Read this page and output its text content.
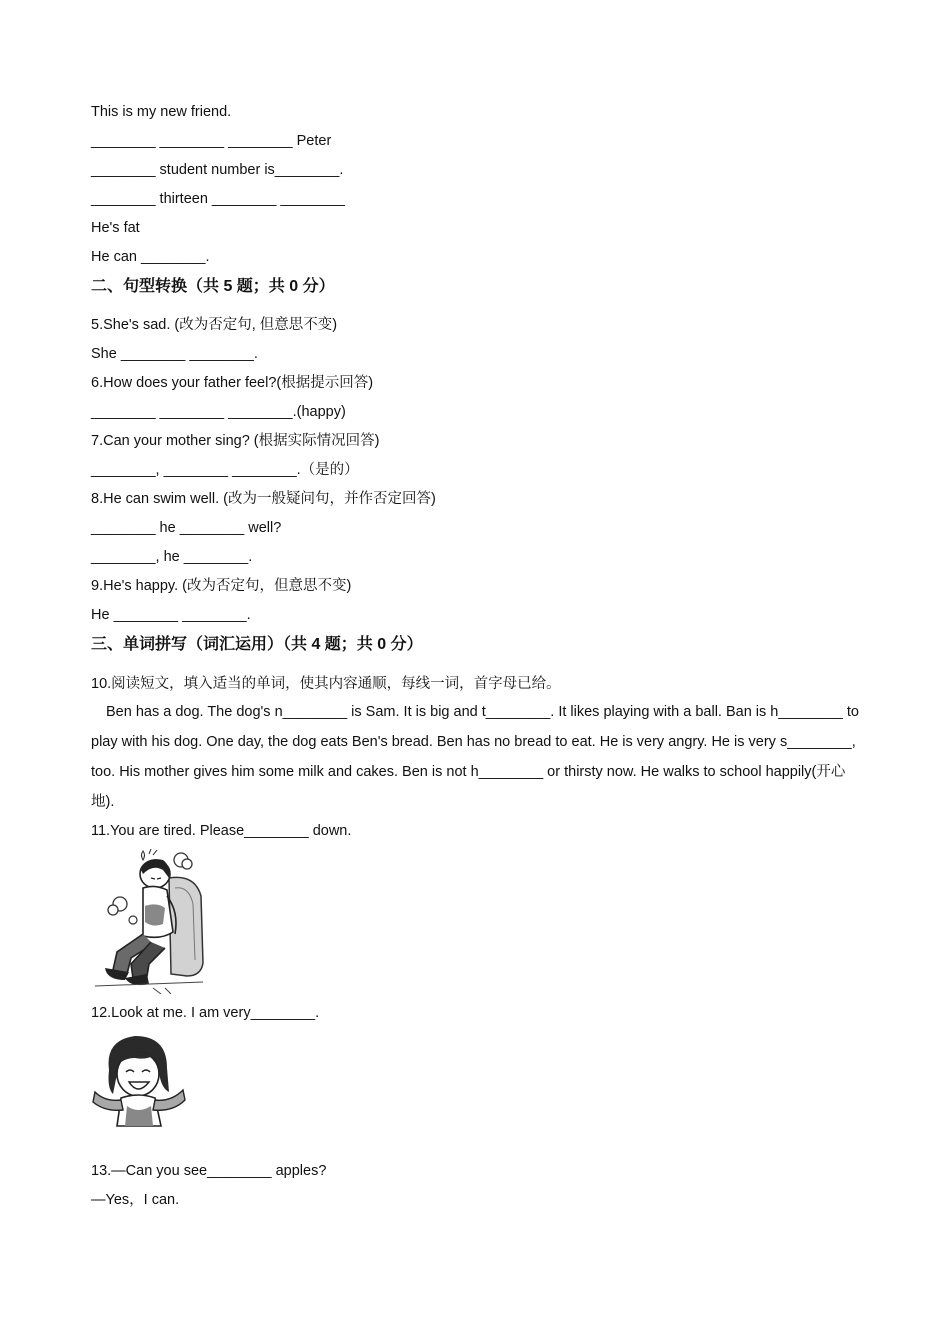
This is my new friend.
________ ________ ________ Peter
________ student number is________.
________ thirteen ________ ________
He's fat
He can ________.
二、句型转换（共 5 题；共 0 分）
5.She's sad. (改为否定句, 但意思不变)
She ________ ________.
6.How does your father feel?(根据提示回答)
________ ________ ________.(happy)
7.Can your mother sing? (根据实际情况回答)
________, ________ ________.（是的）
8.He can swim well. (改为一般疑问句，并作否定回答)
________ he ________ well?
________, he ________.
9.He's happy. (改为否定句，但意思不变)
He ________ ________.
三、单词拼写（词汇运用）（共 4 题；共 0 分）
10.阅读短文，填入适当的单词，使其内容通顺，每线一词，首字母已给。
Ben has a dog. The dog's n________ is Sam. It is big and t________. It likes playing with a ball. Ban is h________ to play with his dog. One day, the dog eats Ben's bread. Ben has no bread to eat. He is very angry. He is very s________, too. His mother gives him some milk and cakes. Ben is not h________ or thirsty now. He walks to school happily(开心地).
11.You are tired. Please________ down.
12.Look at me. I am very________.
13.—Can you see________ apples?
—Yes，I can.
